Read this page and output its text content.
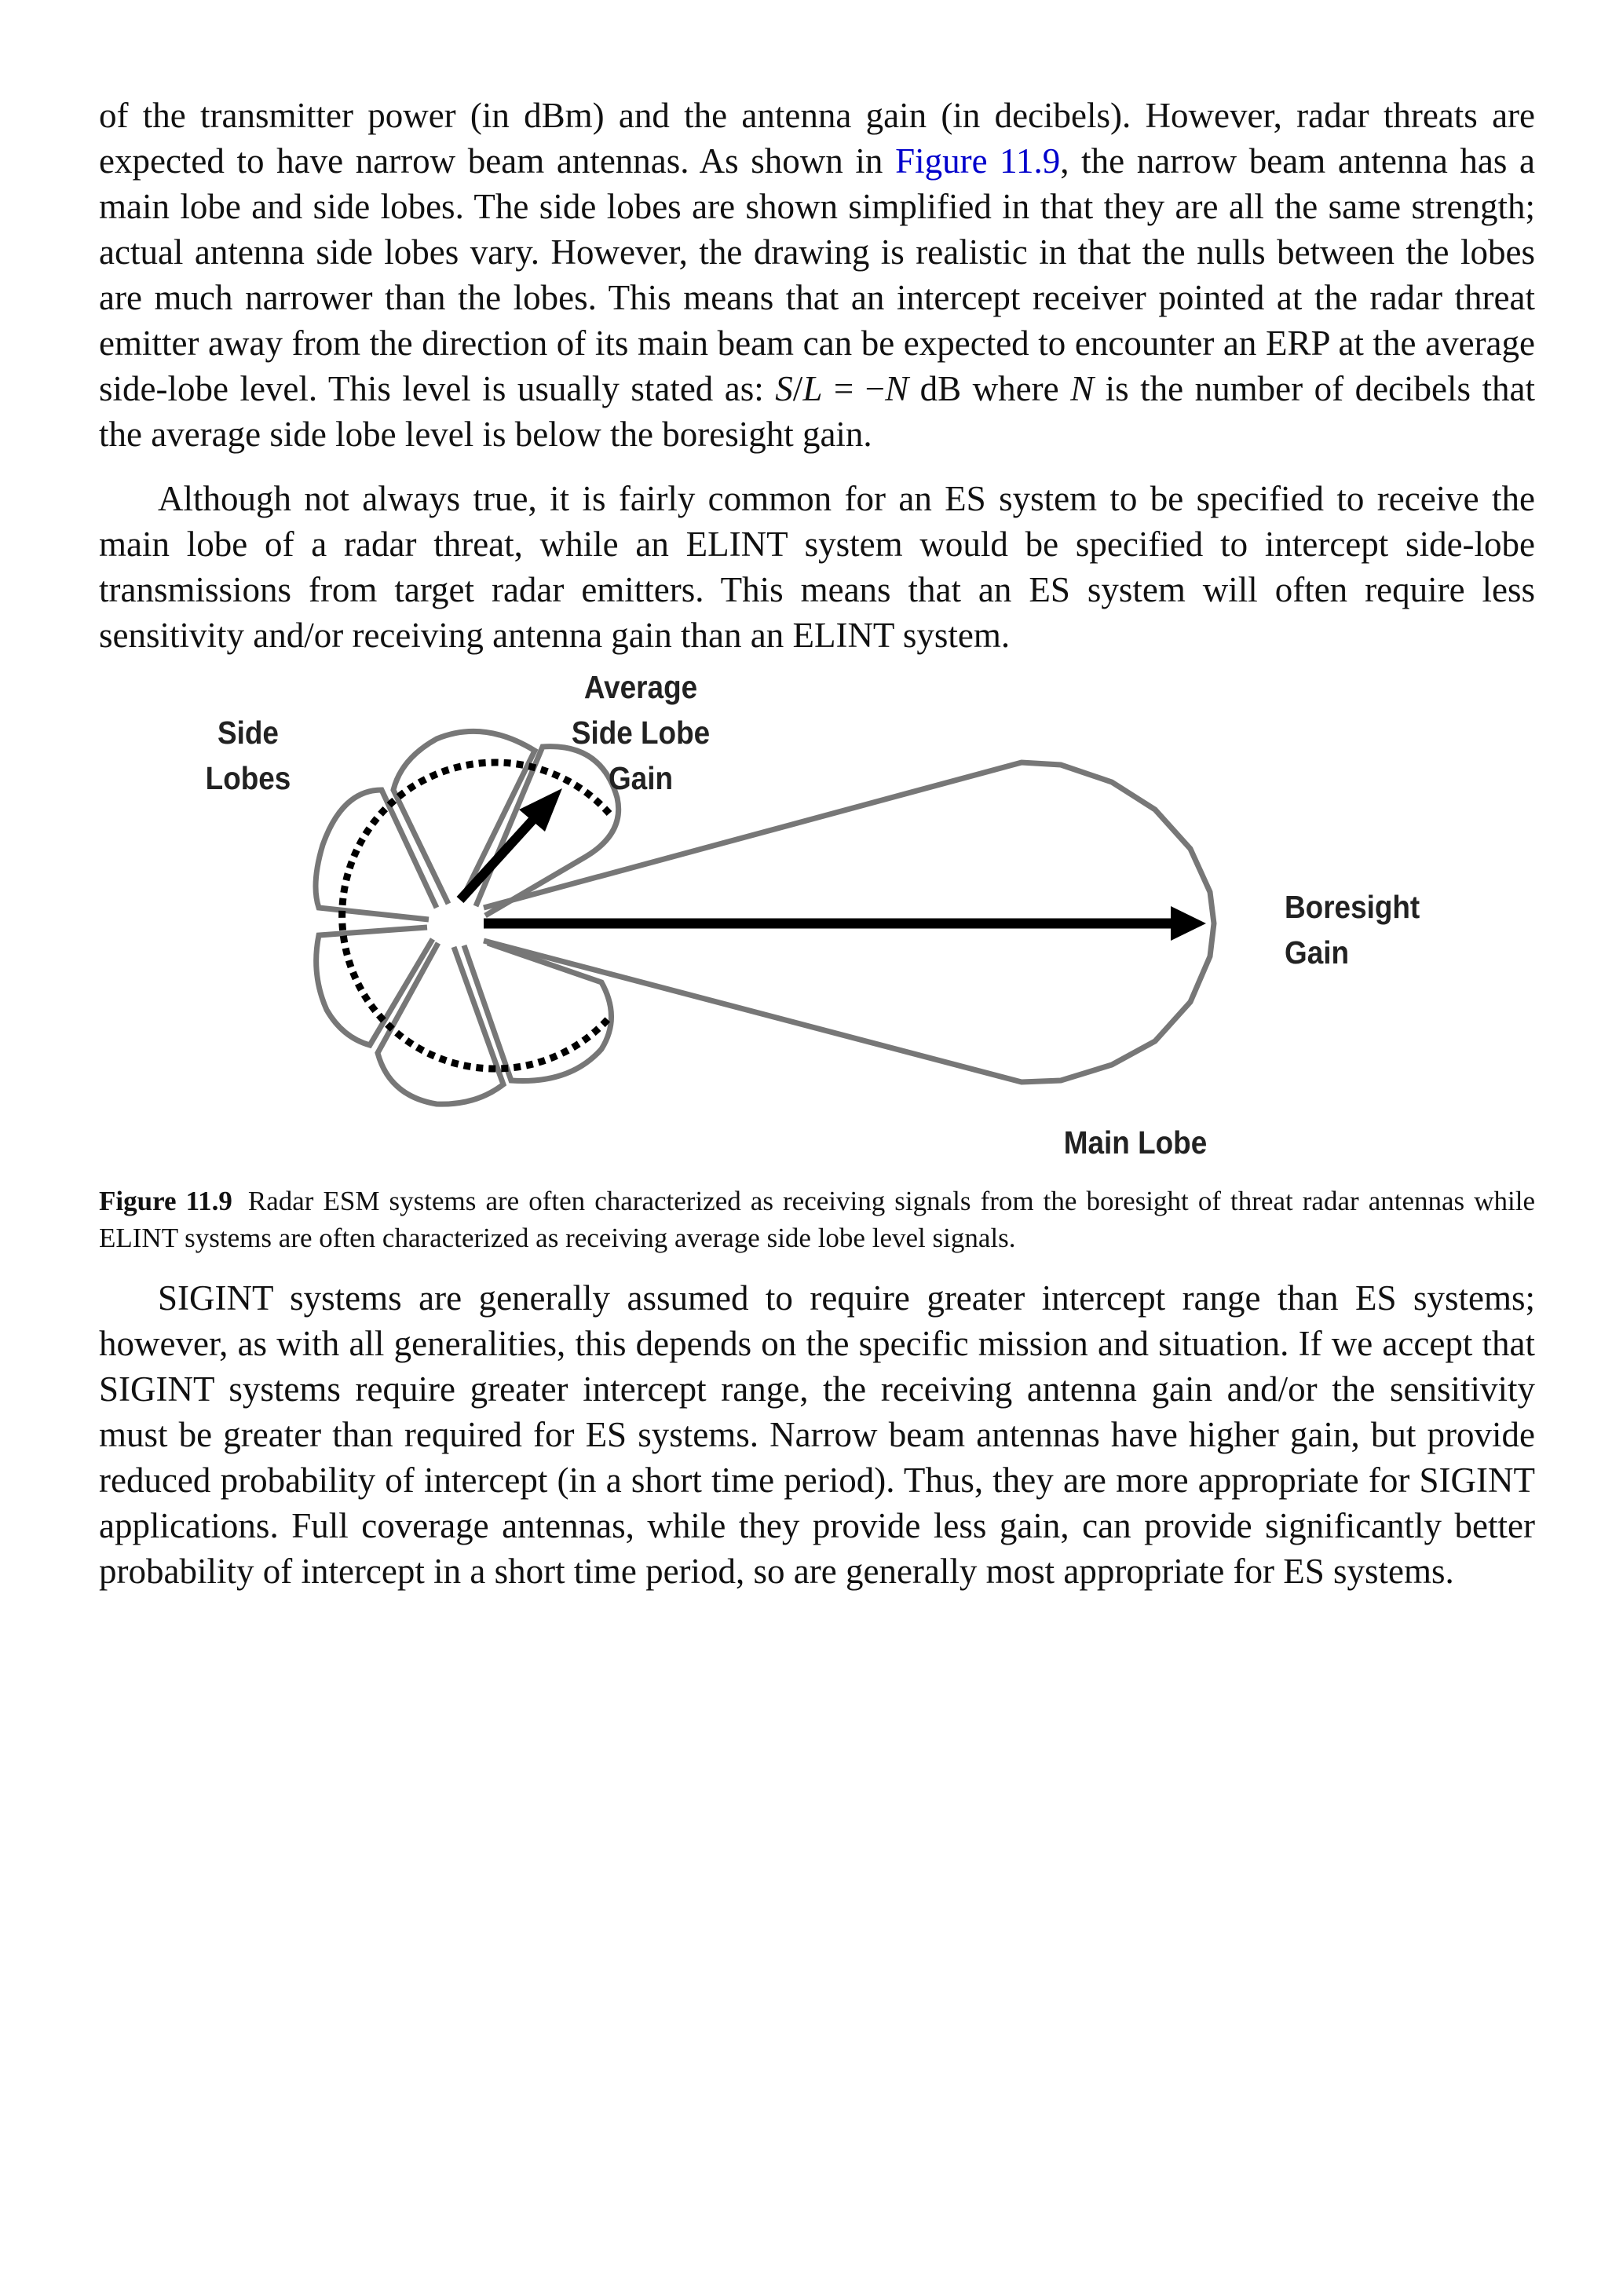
of the transmitter power (in dBm) and the antenna gain (in decibels). However, radar threats are expected to have narrow beam antennas. As shown in Figure 11.9, the narrow beam antenna has a main lobe and side lobes. The side lobes are shown simplified in that they are all the same strength; actual antenna side lobes vary. However, the drawing is realistic in that the nulls between the lobes are much narrower than the lobes. This means that an intercept receiver pointed at the radar threat emitter away from the direction of its main beam can be expected to encounter an ERP at the average side-lobe level. This level is usually stated as: S/L = −N dB where N is the number of decibels that the average side lobe level is below the boresight gain.

Although not always true, it is fairly common for an ES system to be specified to receive the main lobe of a radar threat, while an ELINT system would be specified to intercept side-lobe transmissions from target radar emitters. This means that an ES system will often require less sensitivity and/or receiving antenna gain than an ELINT system.

Side
Lobes
Average
Side Lobe
Gain
Boresight
Gain
Main Lobe

Figure 11.9 Radar ESM systems are often characterized as receiving signals from the boresight of threat radar antennas while ELINT systems are often characterized as receiving average side lobe level signals.

SIGINT systems are generally assumed to require greater intercept range than ES systems; however, as with all generalities, this depends on the specific mission and situation. If we accept that SIGINT systems require greater intercept range, the receiving antenna gain and/or the sensitivity must be greater than required for ES systems. Narrow beam antennas have higher gain, but provide reduced probability of intercept (in a short time period). Thus, they are more appropriate for SIGINT applications. Full coverage antennas, while they provide less gain, can provide significantly better probability of intercept in a short time period, so are generally most appropriate for ES systems.
